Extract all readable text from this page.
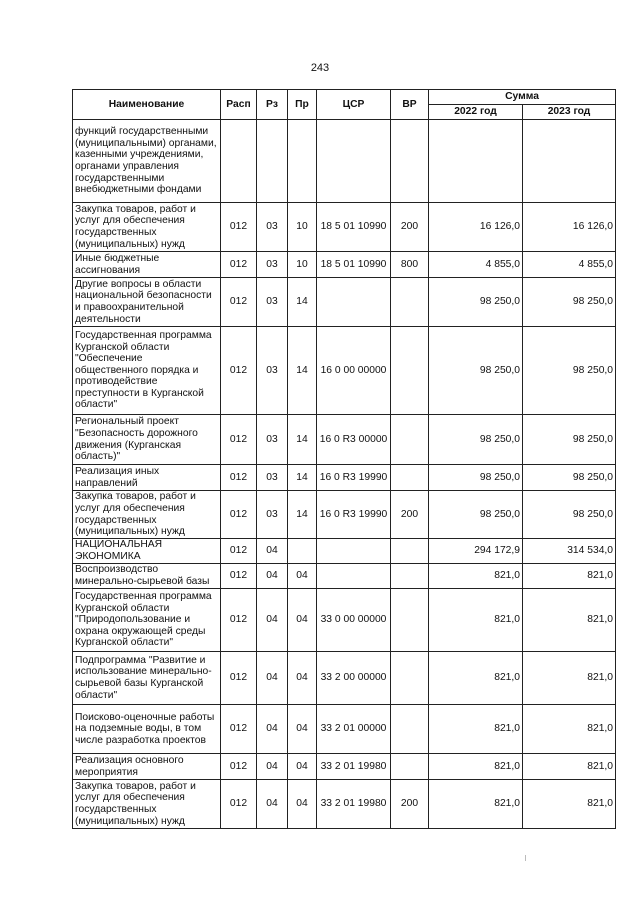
243
Наименование	Расп	Рз	Пр	ЦСР	ВР	Сумма	
						2022 год	2023 год
функций государственными (муниципальными) органами, казенными учреждениями, органами управления государственными внебюджетными фондами							
Закупка товаров, работ и услуг для обеспечения государственных (муниципальных) нужд	012	03	10	18 5 01 10990	200	16 126,0	16 126,0
Иные бюджетные ассигнования	012	03	10	18 5 01 10990	800	4 855,0	4 855,0
Другие вопросы в области национальной безопасности и правоохранительной деятельности	012	03	14			98 250,0	98 250,0
Государственная программа Курганской области "Обеспечение общественного порядка и противодействие преступности в Курганской области"	012	03	14	16 0 00 00000		98 250,0	98 250,0
Региональный проект "Безопасность дорожного движения (Курганская область)"	012	03	14	16 0 R3 00000		98 250,0	98 250,0
Реализация иных направлений	012	03	14	16 0 R3 19990		98 250,0	98 250,0
Закупка товаров, работ и услуг для обеспечения государственных (муниципальных) нужд	012	03	14	16 0 R3 19990	200	98 250,0	98 250,0
НАЦИОНАЛЬНАЯ ЭКОНОМИКА	012	04				294 172,9	314 534,0
Воспроизводство минерально-сырьевой базы	012	04	04			821,0	821,0
Государственная программа Курганской области "Природопользование и охрана окружающей среды Курганской области"	012	04	04	33 0 00 00000		821,0	821,0
Подпрограмма "Развитие и использование минерально-сырьевой базы Курганской области"	012	04	04	33 2 00 00000		821,0	821,0
Поисково-оценочные работы на подземные воды, в том числе разработка проектов	012	04	04	33 2 01 00000		821,0	821,0
Реализация основного мероприятия	012	04	04	33 2 01 19980		821,0	821,0
Закупка товаров, работ и услуг для обеспечения государственных (муниципальных) нужд	012	04	04	33 2 01 19980	200	821,0	821,0
